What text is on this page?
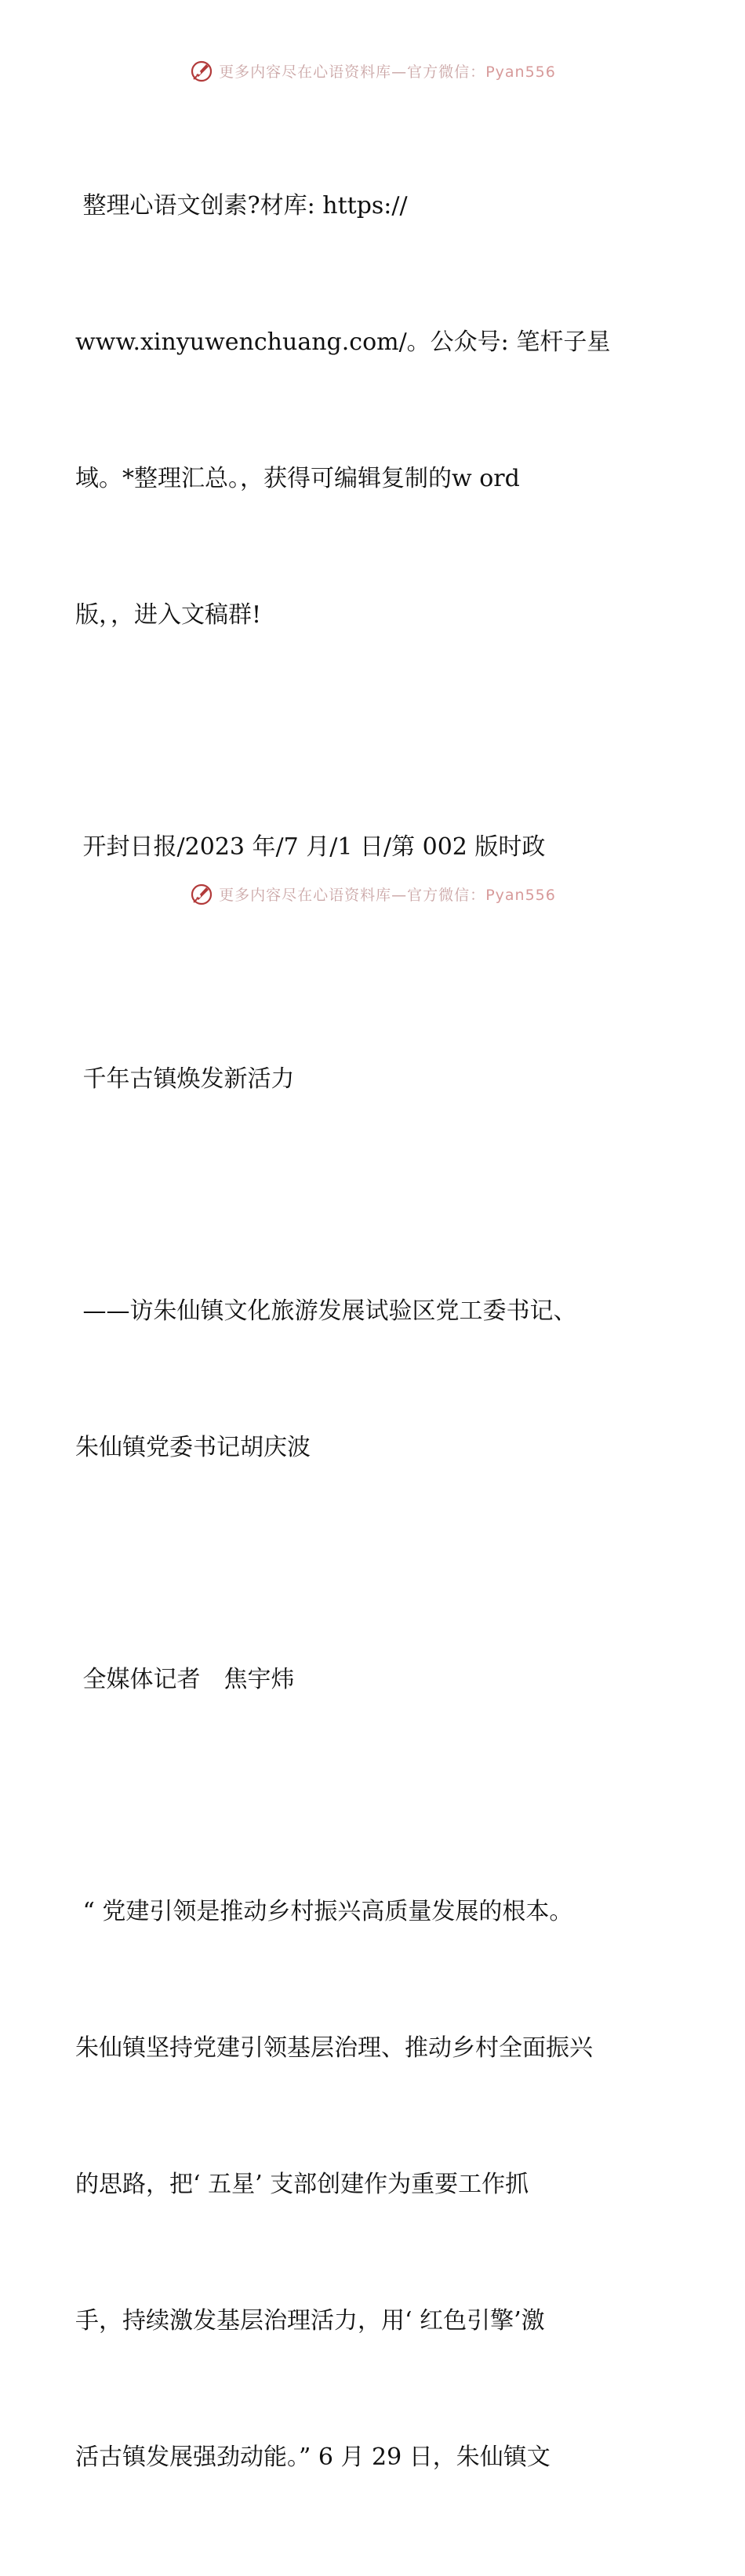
更多内容尽在心语资料库—官方微信：Pyan556

整理心语文创素?材库: https://

www.xinyuwenchuang.com/。公众号: 笔杆子星

域。*整理汇总。，获得可编辑复制的w ord

版，，进入文稿群!

开封日报/2023 年/7 月/1 日/第 002 版时政

千年古镇焕发新活力

——访朱仙镇文化旅游发展试验区党工委书记、

朱仙镇党委书记胡庆波

全媒体记者　焦宇炜

“ 党建引领是推动乡村振兴高质量发展的根本。

朱仙镇坚持党建引领基层治理、推动乡村全面振兴

的思路，把‘ 五星’ 支部创建作为重要工作抓

手，持续激发基层治理活力，用‘ 红色引擎’激

活古镇发展强劲动能。” 6 月 29 日，朱仙镇文

更多内容尽在心语资料库—官方微信：Pyan556
